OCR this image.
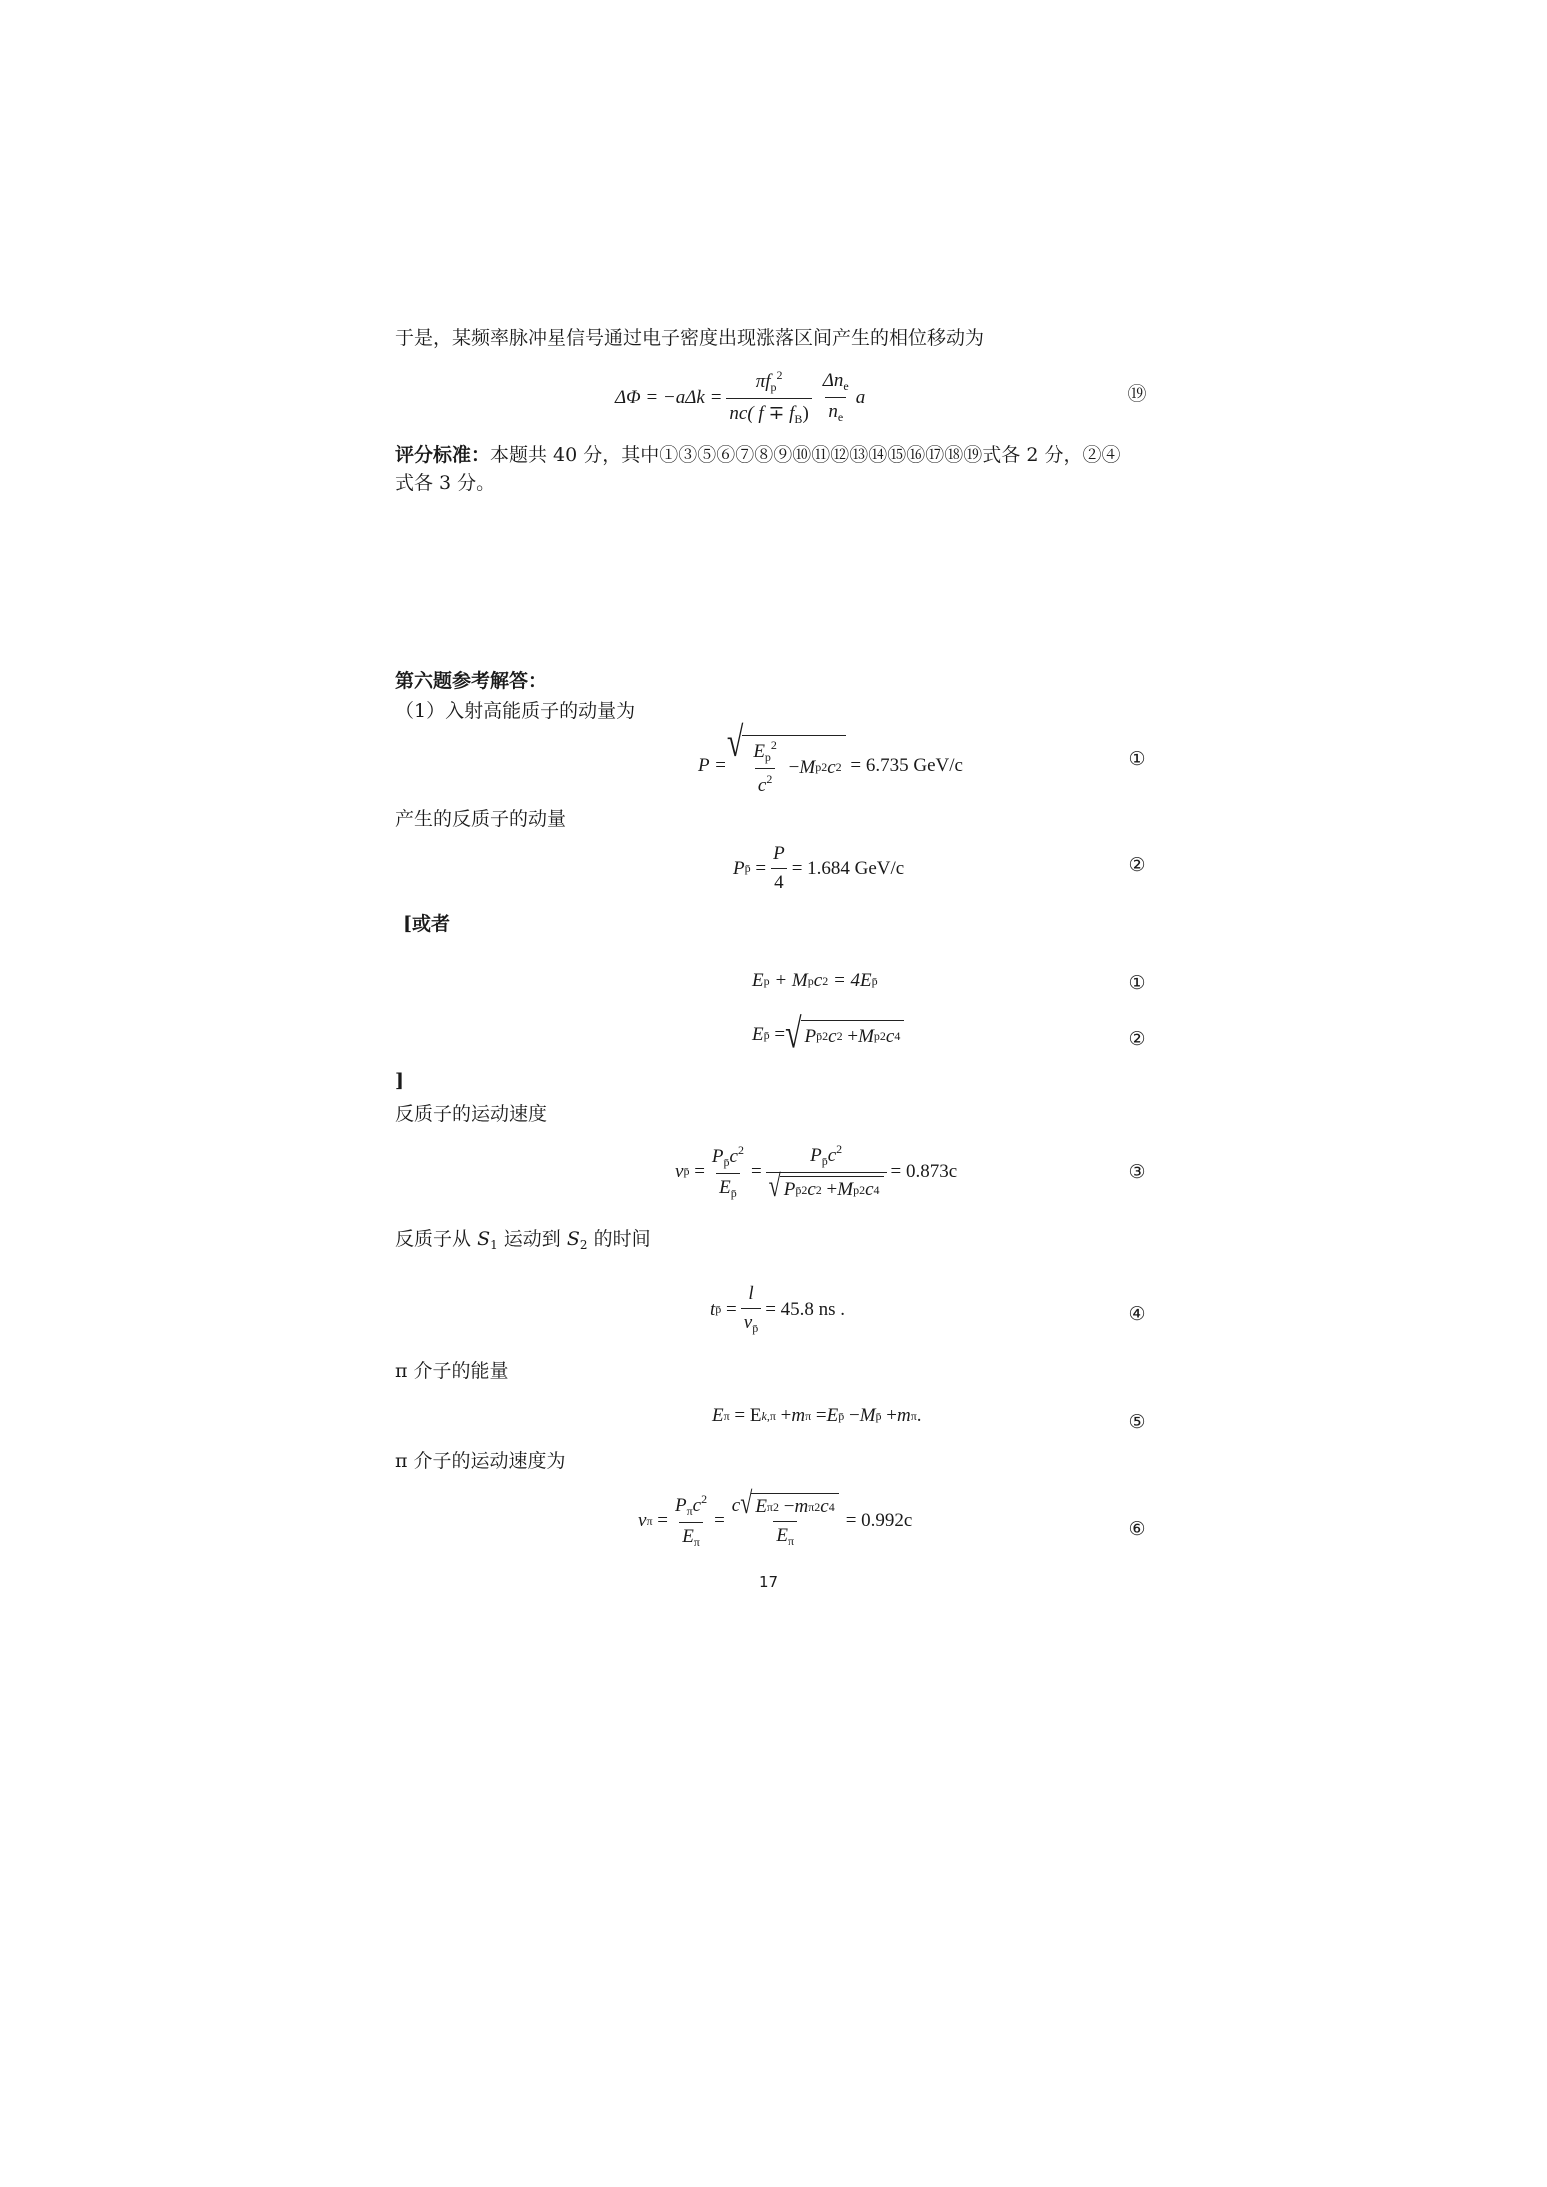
于是，某频率脉冲星信号通过电子密度出现涨落区间产生的相位移动为
$\Delta\Phi = -a\Delta k = \frac{\pi f_p^2}{nc( f \mp f_B)} \frac{\Delta n_e}{n_e}$ a	⑲
评分标准：本题共 40 分，其中①③⑤⑥⑦⑧⑨⑩⑪⑫⑬⑭⑮⑯⑰⑱⑲式各 2 分，②④
式各 3 分。
第六题参考解答：
（1）入射高能质子的动量为
P = √ $\frac{E_p^2}{c^2} - M$ p 2 c 2
= 6.735 GeV/c	①
产生的反质子的动量
P p̄ = $\frac{P}{4} = 1.684$ GeV/c	②
[或者
E p
+ M p c 2
= 4E p̄	①
E p̄
= √ P p̄ 2 c 2 + M p 2 c 4	②
]
反质子的运动速度
v p̄ = $\frac{P_{p̄}c^2}{E_{p̄}} = \frac{P_{p̄}c^2}{\text{√ P p̄ 2 c 2 + M p 2 c 4}} = 0.873c$	③
反质子从 $S_1$ 运动到 $S_2$ 的时间
t p̄ = $\frac{l}{v_{p̄}} = 45.8$ ns .	④
π 介子的能量
E π
= E k,π + m π = E p̄ − M p̄ + m π .	⑤
π 介子的运动速度为
v $\pi = \frac{P_\pi c^2}{E_\pi} = \frac{\text{c √ E π 2 − m π 2 c 4}}{E_\pi} = 0.992c$	⑥
17
